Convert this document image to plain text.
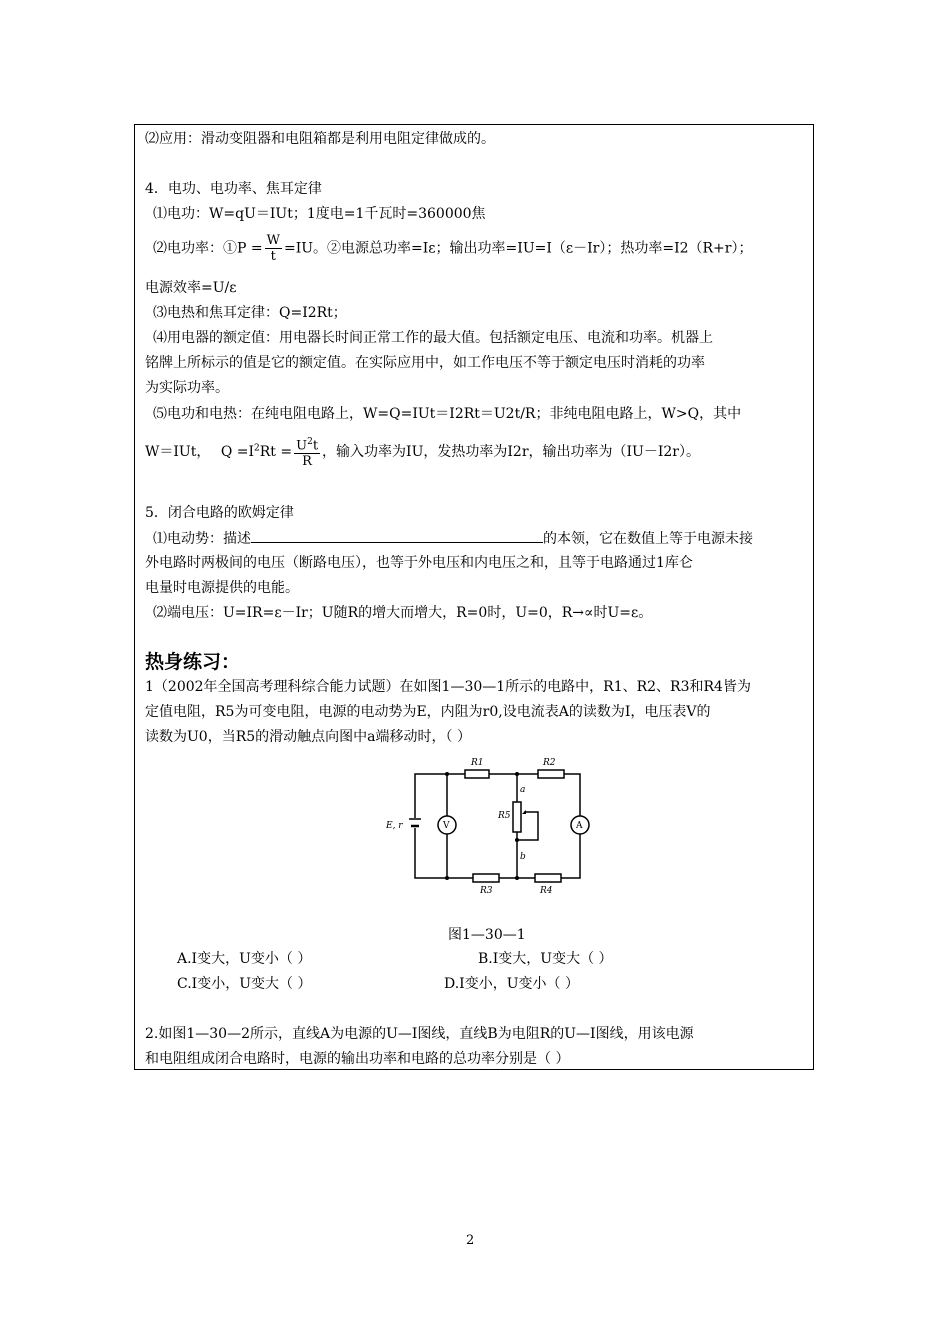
⑵应用：滑动变阻器和电阻箱都是利用电阻定律做成的。
4．电功、电功率、焦耳定律
⑴电功：W=qU＝IUt；1度电=1千瓦时=360000焦
⑵电功率：①P = $\frac{W}{t} =IU$。②电源总功率=Iε；输出功率=IU=I（ε－Ir）；热功率=I2（R+r）；
电源效率=U/ε
⑶电热和焦耳定律：Q=I2Rt；
⑷用电器的额定值：用电器长时间正常工作的最大值。包括额定电压、电流和功率。机器上
铭牌上所标示的值是它的额定值。在实际应用中，如工作电压不等于额定电压时消耗的功率
为实际功率。
⑸电功和电热：在纯电阻电路上，W=Q=IUt＝I2Rt＝U2t/R；非纯电阻电路上，W>Q，其中
W＝IUt， $Q =I^2Rt = \frac{U^2t}{R}$ ，输入功率为IU，发热功率为I2r，输出功率为（IU－I2r）。
5．闭合电路的欧姆定律
⑴电动势：描述	的本领，它在数值上等于电源未接
外电路时两极间的电压（断路电压），也等于外电压和内电压之和，且等于电路通过1库仑
电量时电源提供的电能。
⑵端电压：U=IR=ε－Ir；U随R的增大而增大，R=0时，U=0，R→∝时U=ε。
热身练习：
1（2002年全国高考理科综合能力试题）在如图1—30—1所示的电路中，R1、R2、R3和R4皆为
定值电阻，R5为可变电阻，电源的电动势为E，内阻为r0,设电流表A的读数为I，电压表V的
读数为U0，当R5的滑动触点向图中a端移动时，（ ）
R1	R2
R3	R4
R5
a
b
E, r	V	A
图1—30—1
A.I变大，U变小（ ）	B.I变大，U变大（ ）
C.I变小，U变大（ ）	D.I变小，U变小（ ）
2.如图1—30—2所示，直线A为电源的U—I图线，直线B为电阻R的U—I图线，用该电源
和电阻组成闭合电路时，电源的输出功率和电路的总功率分别是（ ）
2
